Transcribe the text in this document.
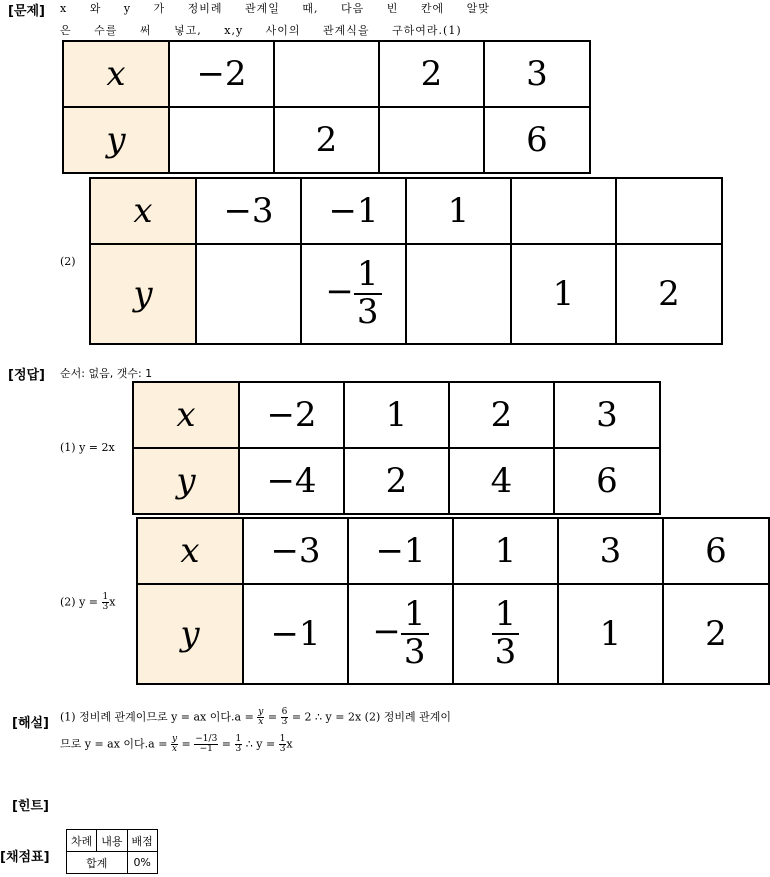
[문제]
[정답]
[해설]
[힌트]
[채점표]
x 와 y 가 정비례 관계일 때, 다음 빈 칸에 알맞
은 수를 써 넣고, x,y 사이의 관계식을 구하여라.(1)
(2)
x	−2		2	3
y		2		6
x	−3	−1	1		
y		− $\frac{1}{3}$		1	2
순서: 없음, 갯수: 1
(1) y = 2x
(2) $y = \frac{1}{3}$ x
x	−2	1	2	3
y	−4	2	4	6
x	−3	−1	1	3	6
y	−1	− $\frac{1}{3}$	$\frac{1}{3}$	1	2
(1) 정비례 관계이므로 y = ax 이다$.a = \frac{y}{x} = \frac{6}{3} = 2$ ∴ y = 2x (2) 정비례 관계이
므로 y = ax 이다$.a = \frac{y}{x} = \frac{-1/3}{-1} = \frac{1}{3}$ ∴ $y = \frac{1}{3}$ x
차례	내용	배점
합계		0%
